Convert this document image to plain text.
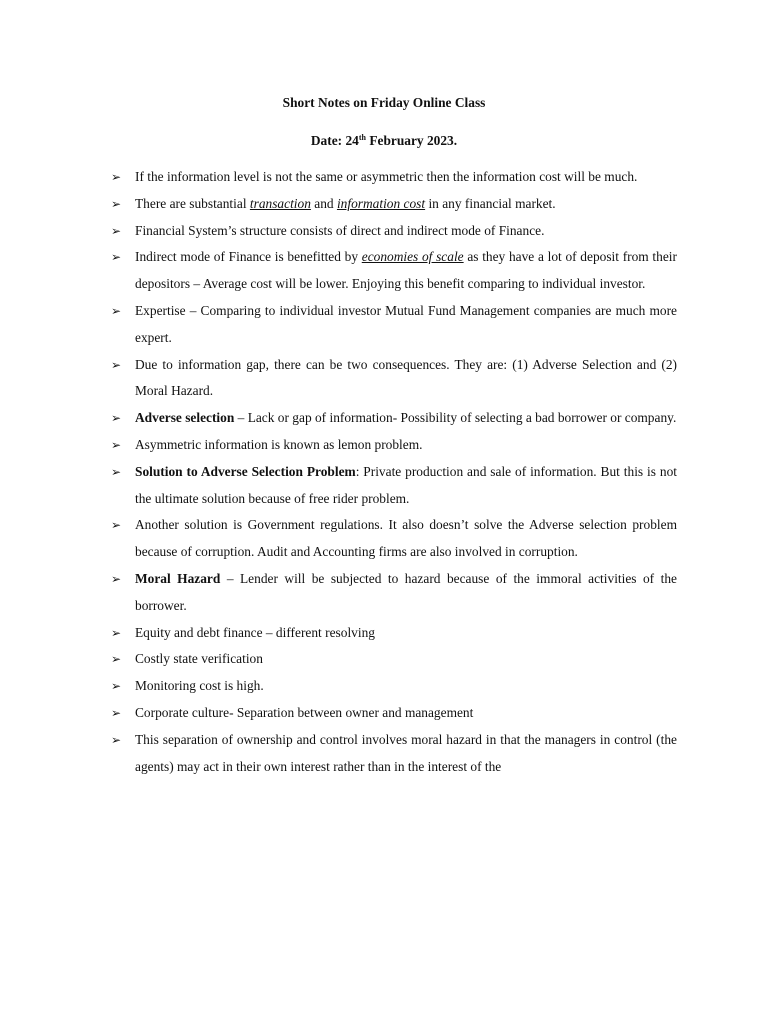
Short Notes on Friday Online Class
Date: 24th February 2023.
➢ If the information level is not the same or asymmetric then the information cost will be much.
➢ There are substantial transaction and information cost in any financial market.
➢ Financial System’s structure consists of direct and indirect mode of Finance.
➢ Indirect mode of Finance is benefitted by economies of scale as they have a lot of deposit from their depositors – Average cost will be lower. Enjoying this benefit comparing to individual investor.
➢ Expertise – Comparing to individual investor Mutual Fund Management companies are much more expert.
➢ Due to information gap, there can be two consequences. They are: (1) Adverse Selection and (2) Moral Hazard.
➢ Adverse selection – Lack or gap of information- Possibility of selecting a bad borrower or company.
➢ Asymmetric information is known as lemon problem.
➢ Solution to Adverse Selection Problem: Private production and sale of information. But this is not the ultimate solution because of free rider problem.
➢ Another solution is Government regulations. It also doesn’t solve the Adverse selection problem because of corruption. Audit and Accounting firms are also involved in corruption.
➢ Moral Hazard – Lender will be subjected to hazard because of the immoral activities of the borrower.
➢ Equity and debt finance – different resolving
➢ Costly state verification
➢ Monitoring cost is high.
➢ Corporate culture- Separation between owner and management
➢ This separation of ownership and control involves moral hazard in that the managers in control (the agents) may act in their own interest rather than in the interest of the
